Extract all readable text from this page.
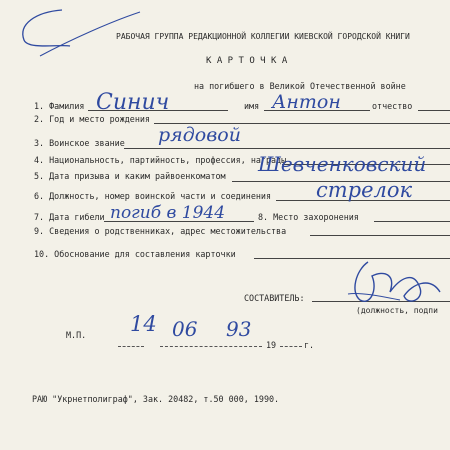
РАБОЧАЯ ГРУППА РЕДАКЦИОННОЙ КОЛЛЕГИИ КИЕВСКОЙ ГОРОДСКОЙ КНИГИ
К А Р Т О Ч К А
на погибшего в Великой Отечественной войне
1. Фамилия Синич	имя Антон	отчество
2. Год и место рождения
3. Воинское звание рядовой
4. Национальность, партийность, профессия, награды
5. Дата призыва и каким райвоенкоматом Шевченковский
6. Должность, номер воинской части и соединения стрелок
7. Дата гибели погиб в 1944	8. Место захоронения
9. Сведения о родственниках, адрес местожительства
10. Обоснование для составления карточки
СОСТАВИТЕЛЬ:
(должность, подпи
М.П. 14 06 93
19	г.
РАЮ "Укрнетполиграф", Зак. 20482, т.50 000, 1990.
